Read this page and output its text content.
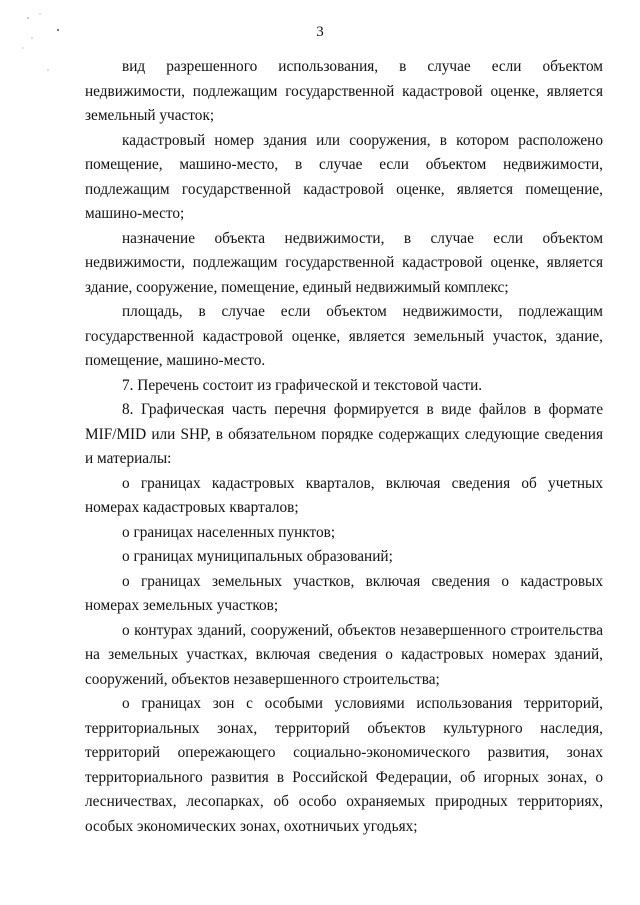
3

вид разрешенного использования, в случае если объектом недвижимости, подлежащим государственной кадастровой оценке, является земельный участок;

кадастровый номер здания или сооружения, в котором расположено помещение, машино-место, в случае если объектом недвижимости, подлежащим государственной кадастровой оценке, является помещение, машино-место;

назначение объекта недвижимости, в случае если объектом недвижимости, подлежащим государственной кадастровой оценке, является здание, сооружение, помещение, единый недвижимый комплекс;

площадь, в случае если объектом недвижимости, подлежащим государственной кадастровой оценке, является земельный участок, здание, помещение, машино-место.

7. Перечень состоит из графической и текстовой части.

8. Графическая часть перечня формируется в виде файлов в формате MIF/MID или SHP, в обязательном порядке содержащих следующие сведения и материалы:

о границах кадастровых кварталов, включая сведения об учетных номерах кадастровых кварталов;

о границах населенных пунктов;

о границах муниципальных образований;

о границах земельных участков, включая сведения о кадастровых номерах земельных участков;

о контурах зданий, сооружений, объектов незавершенного строительства на земельных участках, включая сведения о кадастровых номерах зданий, сооружений, объектов незавершенного строительства;

о границах зон с особыми условиями использования территорий, территориальных зонах, территорий объектов культурного наследия, территорий опережающего социально-экономического развития, зонах территориального развития в Российской Федерации, об игорных зонах, о лесничествах, лесопарках, об особо охраняемых природных территориях, особых экономических зонах, охотничьих угодьях;
